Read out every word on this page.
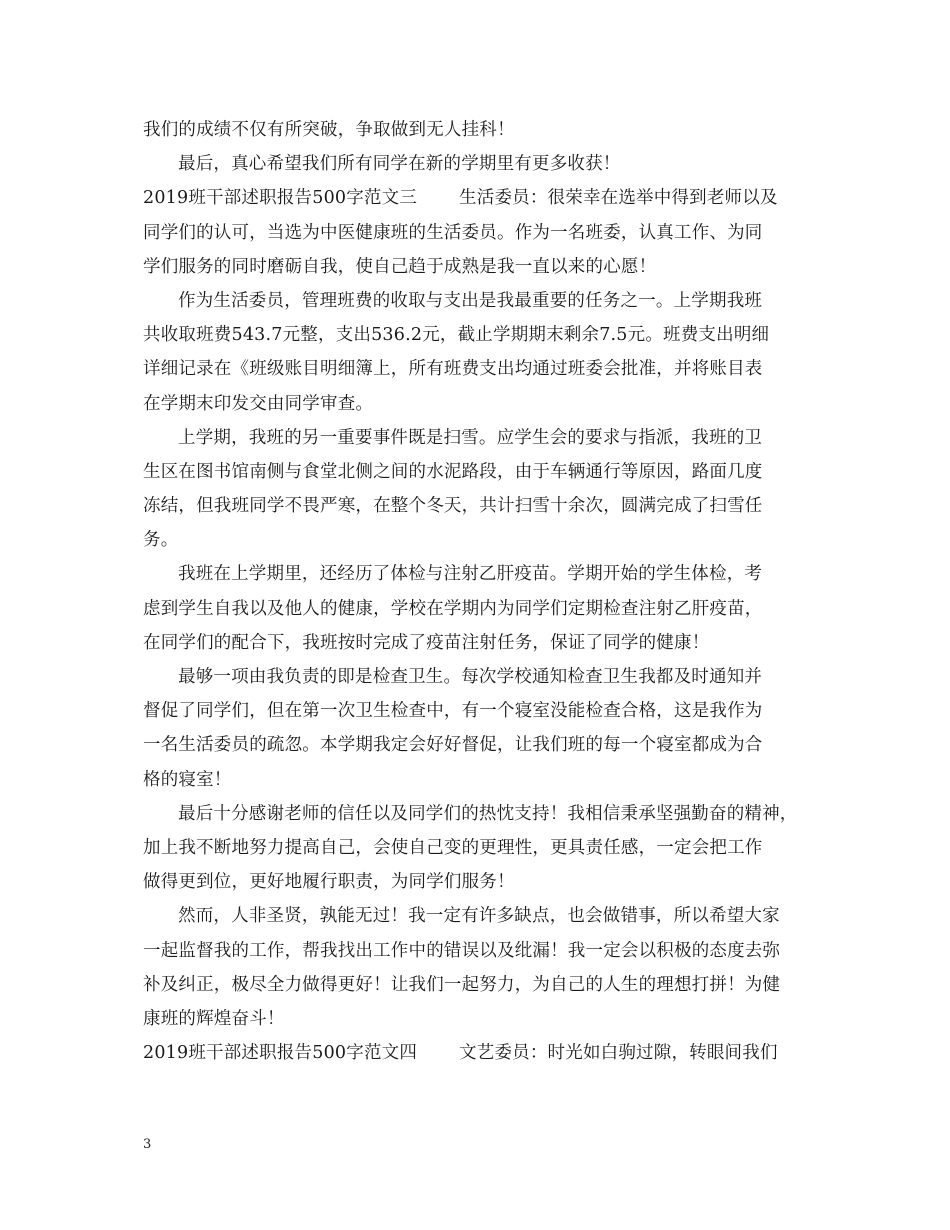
我们的成绩不仅有所突破，争取做到无人挂科！
最后，真心希望我们所有同学在新的学期里有更多收获！
2019班干部述职报告500字范文三 生活委员：很荣幸在选举中得到老师以及
同学们的认可，当选为中医健康班的生活委员。作为一名班委，认真工作、为同
学们服务的同时磨砺自我，使自己趋于成熟是我一直以来的心愿！
作为生活委员，管理班费的收取与支出是我最重要的任务之一。上学期我班
共收取班费543.7元整，支出536.2元，截止学期期末剩余7.5元。班费支出明细
详细记录在《班级账目明细簿上，所有班费支出均通过班委会批准，并将账目表
在学期末印发交由同学审查。
上学期，我班的另一重要事件既是扫雪。应学生会的要求与指派，我班的卫
生区在图书馆南侧与食堂北侧之间的水泥路段，由于车辆通行等原因，路面几度
冻结，但我班同学不畏严寒，在整个冬天，共计扫雪十余次，圆满完成了扫雪任
务。
我班在上学期里，还经历了体检与注射乙肝疫苗。学期开始的学生体检，考
虑到学生自我以及他人的健康，学校在学期内为同学们定期检查注射乙肝疫苗，
在同学们的配合下，我班按时完成了疫苗注射任务，保证了同学的健康！
最够一项由我负责的即是检查卫生。每次学校通知检查卫生我都及时通知并
督促了同学们，但在第一次卫生检查中，有一个寝室没能检查合格，这是我作为
一名生活委员的疏忽。本学期我定会好好督促，让我们班的每一个寝室都成为合
格的寝室！
最后十分感谢老师的信任以及同学们的热忱支持！我相信秉承坚强勤奋的精神，
加上我不断地努力提高自己，会使自己变的更理性，更具责任感，一定会把工作
做得更到位，更好地履行职责，为同学们服务！
然而，人非圣贤，孰能无过！我一定有许多缺点，也会做错事，所以希望大家
一起监督我的工作，帮我找出工作中的错误以及纰漏！我一定会以积极的态度去弥
补及纠正，极尽全力做得更好！让我们一起努力，为自己的人生的理想打拼！为健
康班的辉煌奋斗！
2019班干部述职报告500字范文四 文艺委员：时光如白驹过隙，转眼间我们
3
